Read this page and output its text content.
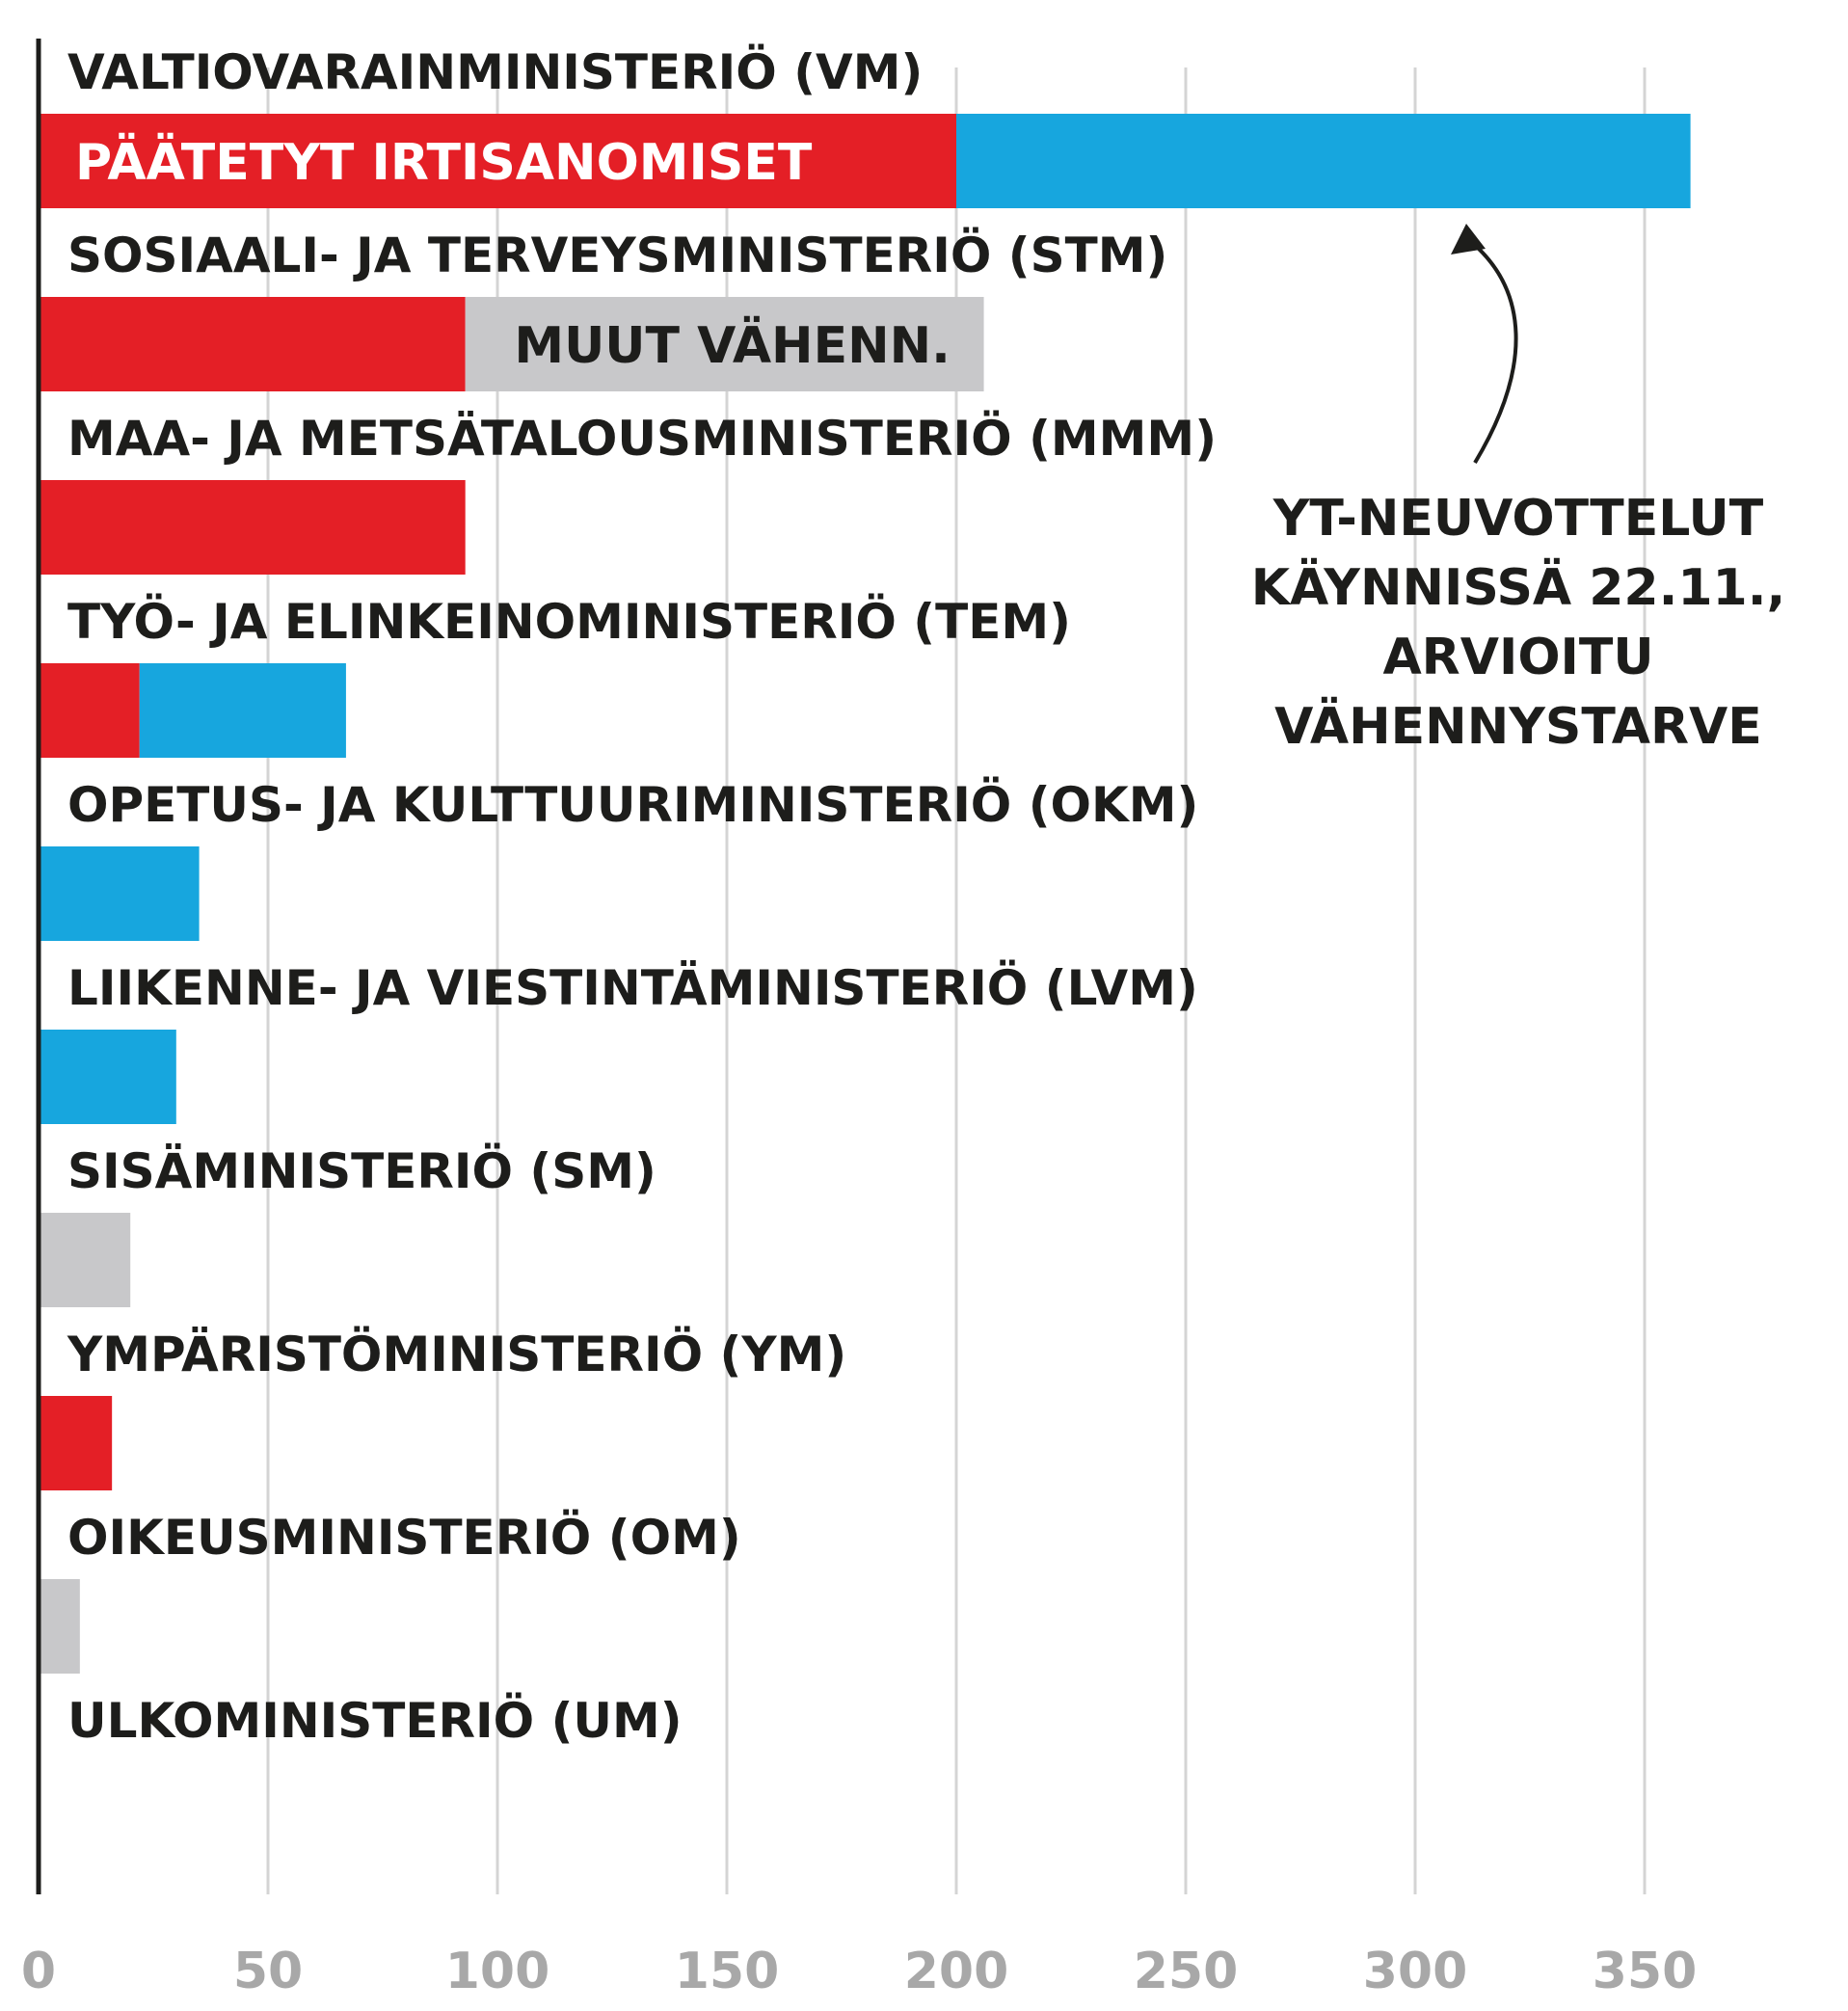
VALTIOVARAINMINISTERIÖ (VM)
SOSIAALI- JA TERVEYSMINISTERIÖ (STM)
MAA- JA METSÄTALOUSMINISTERIÖ (MMM)
TYÖ- JA ELINKEINOMINISTERIÖ (TEM)
OPETUS- JA KULTTUURIMINISTERIÖ (OKM)
LIIKENNE- JA VIESTINTÄMINISTERIÖ (LVM)
SISÄMINISTERIÖ (SM)
YMPÄRISTÖMINISTERIÖ (YM)
OIKEUSMINISTERIÖ (OM)
ULKOMINISTERIÖ (UM)
PÄÄTETYT IRTISANOMISET
MUUT VÄHENN.
0	50	100 150 200 250 300 350
YT-NEUVOTTELUT
KÄYNNISSÄ 22.11.,
ARVIOITU
VÄHENNYSTARVE
